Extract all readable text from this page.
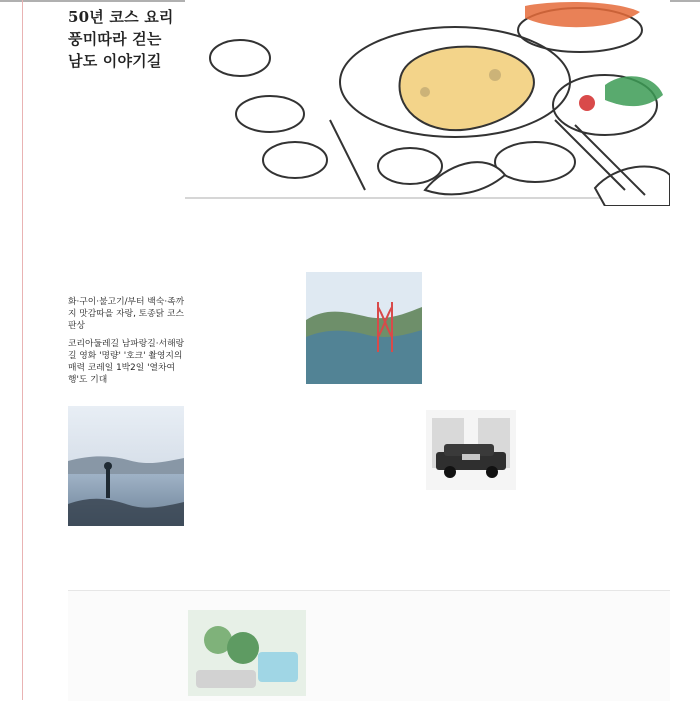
50년 코스 요리
풍미따라 걷는
남도 이야기길

화·구이·불고기/부터 백숙·족까지 맛감따을 자랑, 토종닭 코스 판상

코리아둘레길 남파랑길·서해랑길 영화 '명량' '호크' 촬영지의 매력 코레일 1박2일 '열차여행'도 기대
